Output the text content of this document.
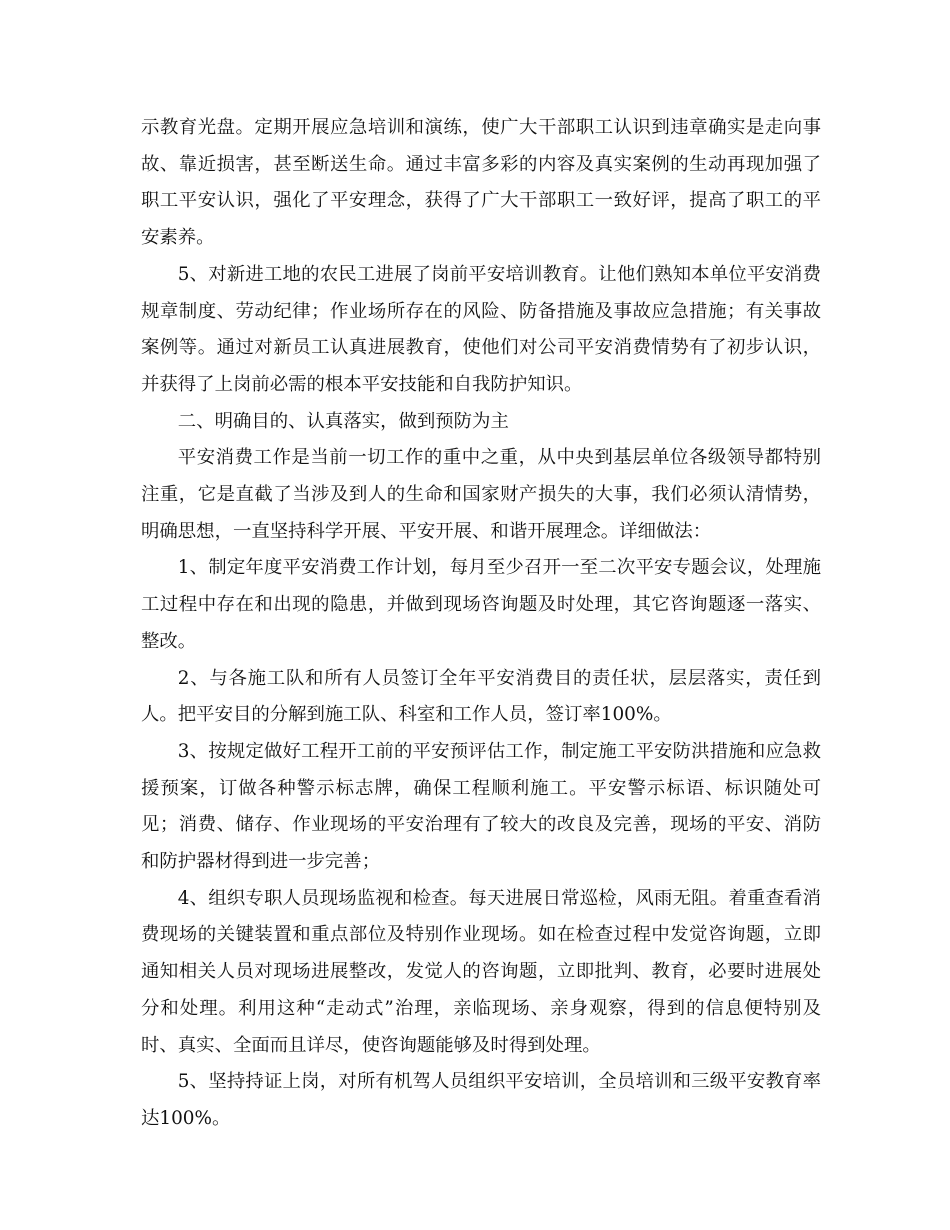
示教育光盘。定期开展应急培训和演练，使广大干部职工认识到违章确实是走向事故、靠近损害，甚至断送生命。通过丰富多彩的内容及真实案例的生动再现加强了职工平安认识，强化了平安理念，获得了广大干部职工一致好评，提高了职工的平安素养。

5、对新进工地的农民工进展了岗前平安培训教育。让他们熟知本单位平安消费规章制度、劳动纪律；作业场所存在的风险、防备措施及事故应急措施；有关事故案例等。通过对新员工认真进展教育，使他们对公司平安消费情势有了初步认识，并获得了上岗前必需的根本平安技能和自我防护知识。

二、明确目的、认真落实，做到预防为主

平安消费工作是当前一切工作的重中之重，从中央到基层单位各级领导都特别注重，它是直截了当涉及到人的生命和国家财产损失的大事，我们必须认清情势，明确思想，一直坚持科学开展、平安开展、和谐开展理念。详细做法：

1、制定年度平安消费工作计划，每月至少召开一至二次平安专题会议，处理施工过程中存在和出现的隐患，并做到现场咨询题及时处理，其它咨询题逐一落实、整改。

2、与各施工队和所有人员签订全年平安消费目的责任状，层层落实，责任到人。把平安目的分解到施工队、科室和工作人员，签订率100%。

3、按规定做好工程开工前的平安预评估工作，制定施工平安防洪措施和应急救援预案，订做各种警示标志牌，确保工程顺利施工。平安警示标语、标识随处可见；消费、储存、作业现场的平安治理有了较大的改良及完善，现场的平安、消防和防护器材得到进一步完善；

4、组织专职人员现场监视和检查。每天进展日常巡检，风雨无阻。着重查看消费现场的关键装置和重点部位及特别作业现场。如在检查过程中发觉咨询题，立即通知相关人员对现场进展整改，发觉人的咨询题，立即批判、教育，必要时进展处分和处理。利用这种“走动式”治理，亲临现场、亲身观察，得到的信息便特别及时、真实、全面而且详尽，使咨询题能够及时得到处理。

5、坚持持证上岗，对所有机驾人员组织平安培训，全员培训和三级平安教育率达100%。
